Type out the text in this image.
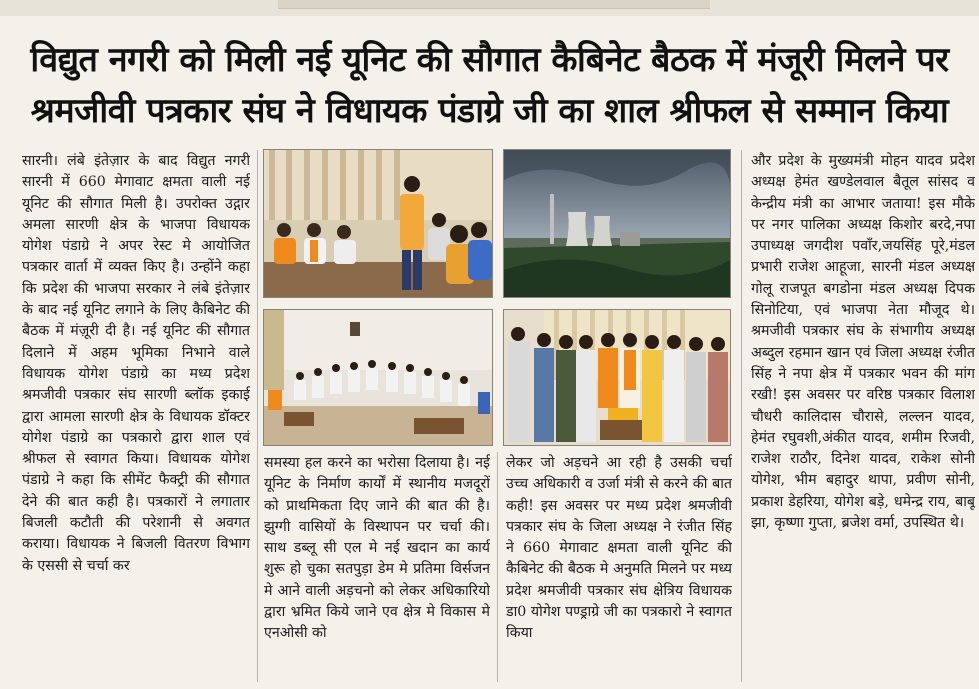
विद्युत नगरी को मिली नई यूनिट की सौगात कैबिनेट बैठक में मंजूरी मिलने पर
श्रमजीवी पत्रकार संघ ने विधायक पंडाग्रे जी का शाल श्रीफल से सम्मान किया

सारनी। लंबे इंतेज़ार के बाद विद्युत नगरी सारनी में 660 मेगावाट क्षमता वाली नई यूनिट की सौगात मिली है। उपरोक्त उद्गार अमला सारणी क्षेत्र के भाजपा विधायक योगेश पंडाग्रे ने अपर रेस्ट मे आयोजित पत्रकार वार्ता में व्यक्त किए है। उन्होंने कहा कि प्रदेश की भाजपा सरकार ने लंबे इंतेज़ार के बाद नई यूनिट लगाने के लिए कैबिनेट की बैठक में मंज़ूरी दी है। नई यूनिट की सौगात दिलाने में अहम भूमिका निभाने वाले विधायक योगेश पंडाग्रे का मध्य प्रदेश श्रमजीवी पत्रकार संघ सारणी ब्लॉक इकाई द्वारा आमला सारणी क्षेत्र के विधायक डॉक्टर योगेश पंडाग्रे का पत्रकारो द्वारा शाल एवं श्रीफल से स्वागत किया। विधायक योगेश पंडाग्रे ने कहा कि सीमेंट फैक्ट्री की सौगात देने की बात कही है। पत्रकारों ने लगातार बिजली कटौती की परेशानी से अवगत कराया। विधायक ने बिजली वितरण विभाग के एससी से चर्चा कर

समस्या हल करने का भरोसा दिलाया है। नई यूनिट के निर्माण कार्यों में स्थानीय मजदूरों को प्राथमिकता दिए जाने की बात की है। झुग्गी वासियों के विस्थापन पर चर्चा की। साथ डब्लू सी एल मे नई खदान का कार्य शुरू हो चुका सतपुड़ा डेम मे प्रतिमा विर्सजन मे आने वाली अड़चनो को लेकर अधिकारियो द्वारा भ्रमित किये जाने एव क्षेत्र मे विकास मे एनओसी को

लेकर जो अड़चने आ रही है उसकी चर्चा उच्च अधिकारी व उर्जा मंत्री से करने की बात कही! इस अवसर पर मध्य प्रदेश श्रमजीवी पत्रकार संघ के जिला अध्यक्ष ने रंजीत सिंह ने 660 मेगावाट क्षमता वाली यूनिट की कैबिनेट की बैठक मे अनुमति मिलने पर मध्य प्रदेश श्रमजीवी पत्रकार संघ क्षेत्रिय विधायक डा0 योगेश पण्ड्राग्रे जी का पत्रकारो ने स्वागत किया

और प्रदेश के मुख्यमंत्री मोहन यादव प्रदेश अध्यक्ष हेमंत खण्डेलवाल बैतूल सांसद व केन्द्रीय मंत्री का आभार जताया! इस मौके पर नगर पालिका अध्यक्ष किशोर बरदे,नपा उपाध्यक्ष जगदीश पवाँर,जयसिंह पूरे,मंडल प्रभारी राजेश आहूजा, सारनी मंडल अध्यक्ष गोलू राजपूत बगडोना मंडल अध्यक्ष दिपक सिनोटिया, एवं भाजपा नेता मौजूद थे। श्रमजीवी पत्रकार संघ के संभागीय अध्यक्ष अब्दुल रहमान खान एवं जिला अध्यक्ष रंजीत सिंह ने नपा क्षेत्र में पत्रकार भवन की मांग रखी! इस अवसर पर वरिष्ठ पत्रकार विलाश चौधरी कालिदास चौरासे, लल्लन यादव, हेमंत रघुवशी,अंकीत यादव, शमीम रिजवी, राजेश राठौर, दिनेश यादव, राकेश सोनी योगेश, भीम बहादुर थापा, प्रवीण सोनी, प्रकाश डेहरिया, योगेश बड़े, धमेन्द्र राय, बाबू झा, कृष्णा गुप्ता, ब्रजेश वर्मा, उपस्थित थे।
